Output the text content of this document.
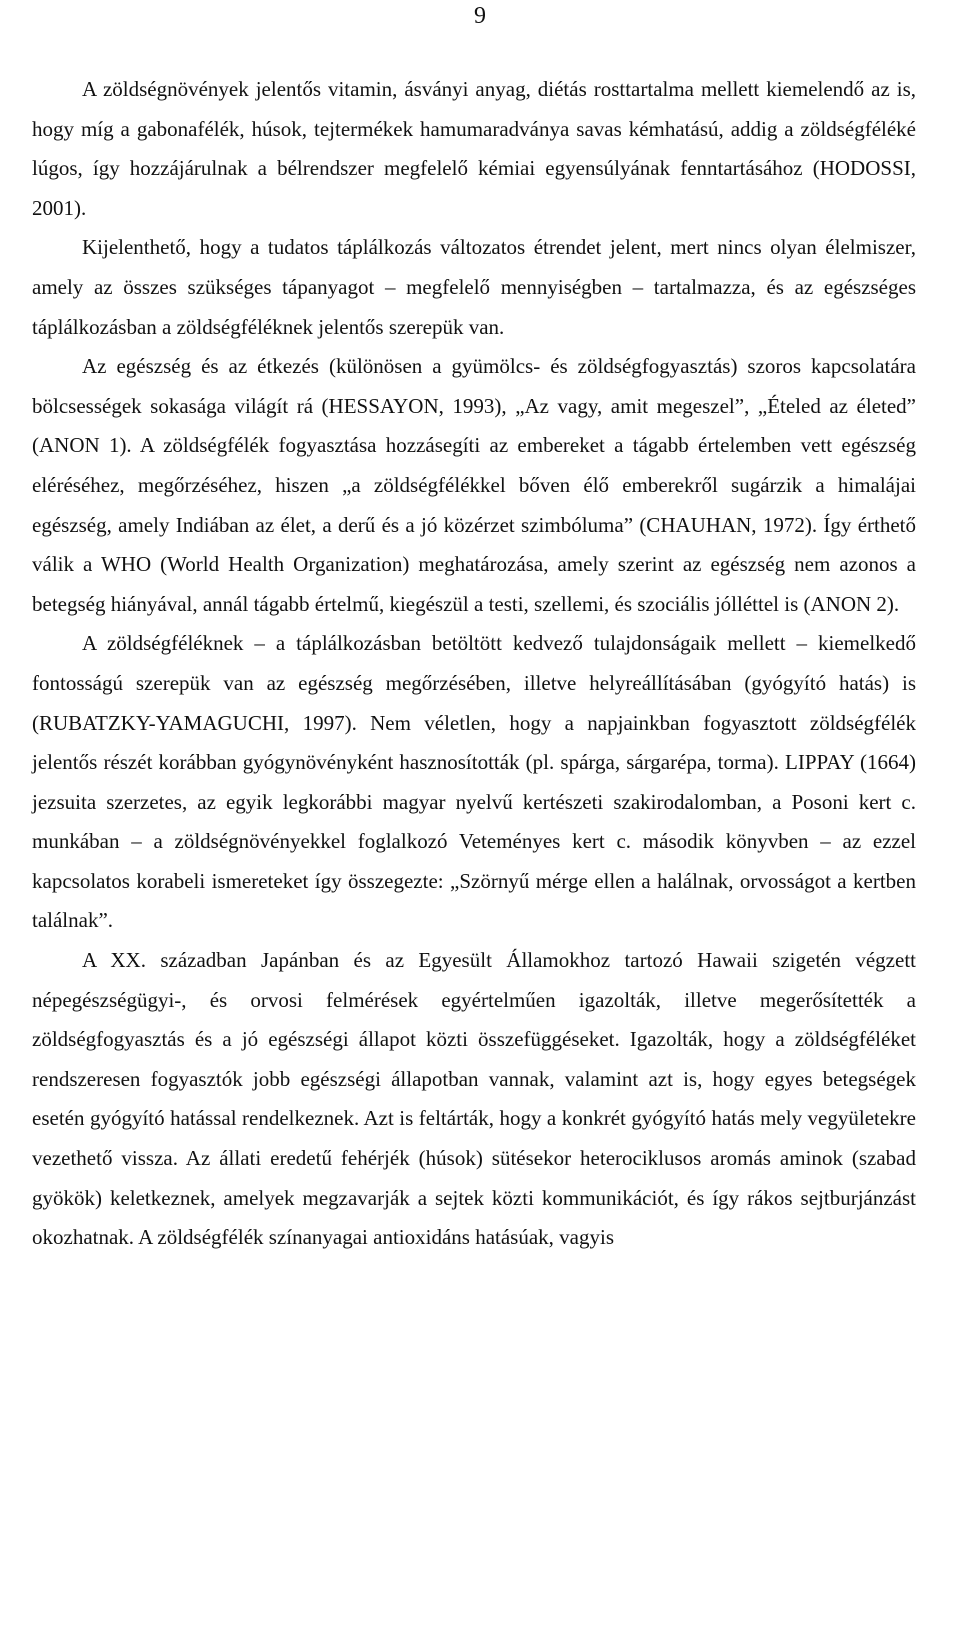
9

A zöldségnövények jelentős vitamin, ásványi anyag, diétás rosttartalma mellett kiemelendő az is, hogy míg a gabonafélék, húsok, tejtermékek hamumaradványa savas kémhatású, addig a zöldségféléké lúgos, így hozzájárulnak a bélrendszer megfelelő kémiai egyensúlyának fenntartásához (HODOSSI, 2001).

Kijelenthető, hogy a tudatos táplálkozás változatos étrendet jelent, mert nincs olyan élelmiszer, amely az összes szükséges tápanyagot – megfelelő mennyiségben – tartalmazza, és az egészséges táplálkozásban a zöldségféléknek jelentős szerepük van.

Az egészség és az étkezés (különösen a gyümölcs- és zöldségfogyasztás) szoros kapcsolatára bölcsességek sokasága világít rá (HESSAYON, 1993), „Az vagy, amit megeszel”, „Ételed az életed” (ANON 1). A zöldségfélék fogyasztása hozzásegíti az embereket a tágabb értelemben vett egészség eléréséhez, megőrzéséhez, hiszen „a zöldségfélékkel bőven élő emberekről sugárzik a himalájai egészség, amely Indiában az élet, a derű és a jó közérzet szimbóluma” (CHAUHAN, 1972). Így érthető válik a WHO (World Health Organization) meghatározása, amely szerint az egészség nem azonos a betegség hiányával, annál tágabb értelmű, kiegészül a testi, szellemi, és szociális jólléttel is (ANON 2).

A zöldségféléknek – a táplálkozásban betöltött kedvező tulajdonságaik mellett – kiemelkedő fontosságú szerepük van az egészség megőrzésében, illetve helyreállításában (gyógyító hatás) is (RUBATZKY-YAMAGUCHI, 1997). Nem véletlen, hogy a napjainkban fogyasztott zöldségfélék jelentős részét korábban gyógynövényként hasznosították (pl. spárga, sárgarépa, torma). LIPPAY (1664) jezsuita szerzetes, az egyik legkorábbi magyar nyelvű kertészeti szakirodalomban, a Posoni kert c. munkában – a zöldségnövényekkel foglalkozó Veteményes kert c. második könyvben – az ezzel kapcsolatos korabeli ismereteket így összegezte: „Szörnyű mérge ellen a halálnak, orvosságot a kertben találnak”.

A XX. században Japánban és az Egyesült Államokhoz tartozó Hawaii szigetén végzett népegészségügyi-, és orvosi felmérések egyértelműen igazolták, illetve megerősítették a zöldségfogyasztás és a jó egészségi állapot közti összefüggéseket. Igazolták, hogy a zöldségféléket rendszeresen fogyasztók jobb egészségi állapotban vannak, valamint azt is, hogy egyes betegségek esetén gyógyító hatással rendelkeznek. Azt is feltárták, hogy a konkrét gyógyító hatás mely vegyületekre vezethető vissza. Az állati eredetű fehérjék (húsok) sütésekor heterociklusos aromás aminok (szabad gyökök) keletkeznek, amelyek megzavarják a sejtek közti kommunikációt, és így rákos sejtburjánzást okozhatnak. A zöldségfélék színanyagai antioxidáns hatásúak, vagyis
